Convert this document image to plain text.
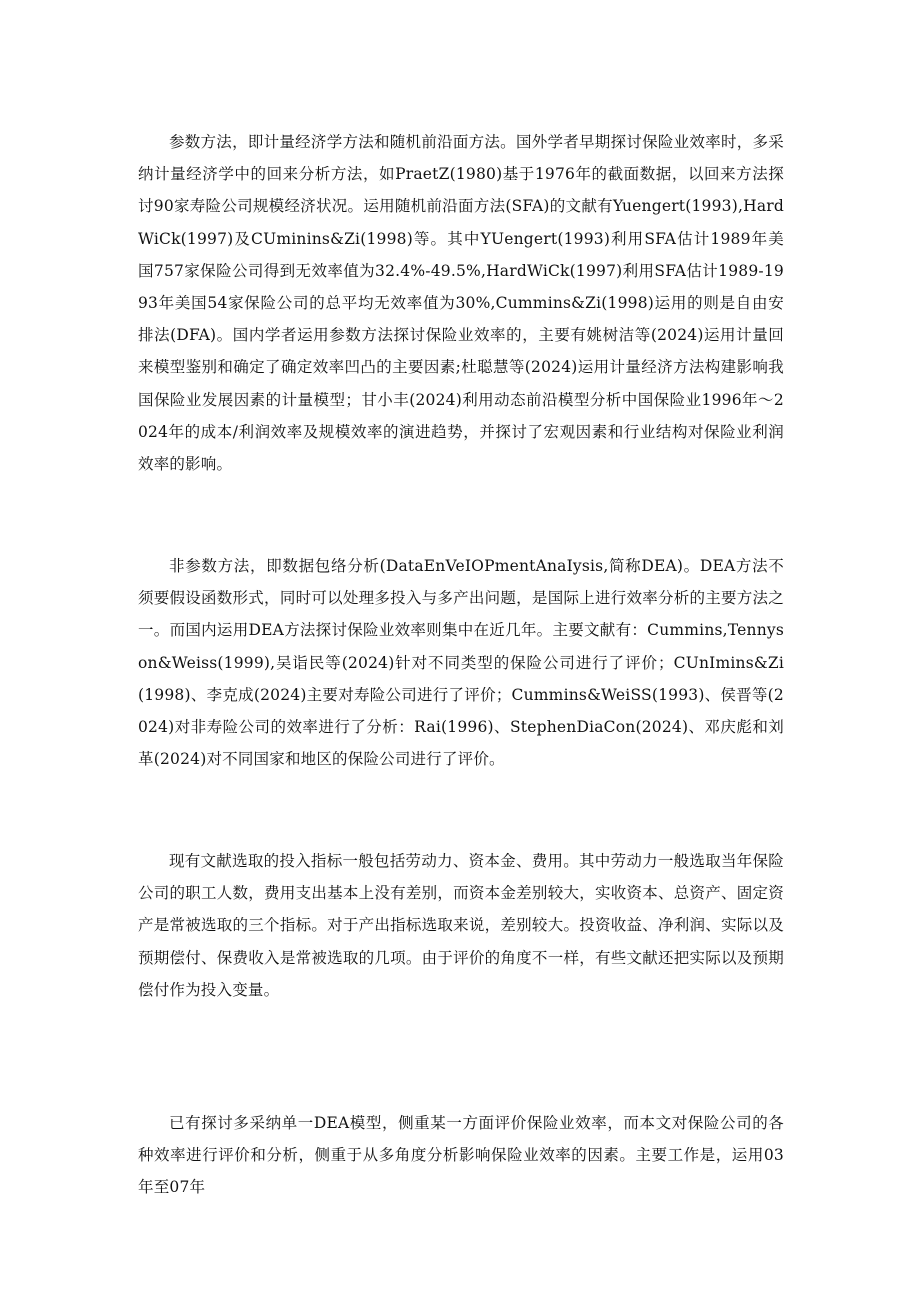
参数方法，即计量经济学方法和随机前沿面方法。国外学者早期探讨保险业效率时，多采纳计量经济学中的回来分析方法，如PraetZ(1980)基于1976年的截面数据，以回来方法探讨90家寿险公司规模经济状况。运用随机前沿面方法(SFA)的文献有Yuengert(1993),HardWiCk(1997)及CUminins&Zi(1998)等。其中YUengert(1993)利用SFA估计1989年美国757家保险公司得到无效率值为32.4%-49.5%,HardWiCk(1997)利用SFA估计1989-1993年美国54家保险公司的总平均无效率值为30%,Cummins&Zi(1998)运用的则是自由安排法(DFA)。国内学者运用参数方法探讨保险业效率的，主要有姚树洁等(2024)运用计量回来模型鉴别和确定了确定效率凹凸的主要因素;杜聪慧等(2024)运用计量经济方法构建影响我国保险业发展因素的计量模型；甘小丰(2024)利用动态前沿模型分析中国保险业1996年～2024年的成本/利润效率及规模效率的演进趋势，并探讨了宏观因素和行业结构对保险业利润效率的影响。

非参数方法，即数据包络分析(DataEnVeIOPmentAnaIysis,简称DEA)。DEA方法不须要假设函数形式，同时可以处理多投入与多产出问题，是国际上进行效率分析的主要方法之一。而国内运用DEA方法探讨保险业效率则集中在近几年。主要文献有：Cummins,Tennyson&Weiss(1999),吴诣民等(2024)针对不同类型的保险公司进行了评价；CUnImins&Zi(1998)、李克成(2024)主要对寿险公司进行了评价；Cummins&WeiSS(1993)、侯晋等(2024)对非寿险公司的效率进行了分析：Rai(1996)、StephenDiaCon(2024)、邓庆彪和刘革(2024)对不同国家和地区的保险公司进行了评价。

现有文献选取的投入指标一般包括劳动力、资本金、费用。其中劳动力一般选取当年保险公司的职工人数，费用支出基本上没有差别，而资本金差别较大，实收资本、总资产、固定资产是常被选取的三个指标。对于产出指标选取来说，差别较大。投资收益、净利润、实际以及预期偿付、保费收入是常被选取的几项。由于评价的角度不一样，有些文献还把实际以及预期偿付作为投入变量。

已有探讨多采纳单一DEA模型，侧重某一方面评价保险业效率，而本文对保险公司的各种效率进行评价和分析，侧重于从多角度分析影响保险业效率的因素。主要工作是，运用03年至07年
